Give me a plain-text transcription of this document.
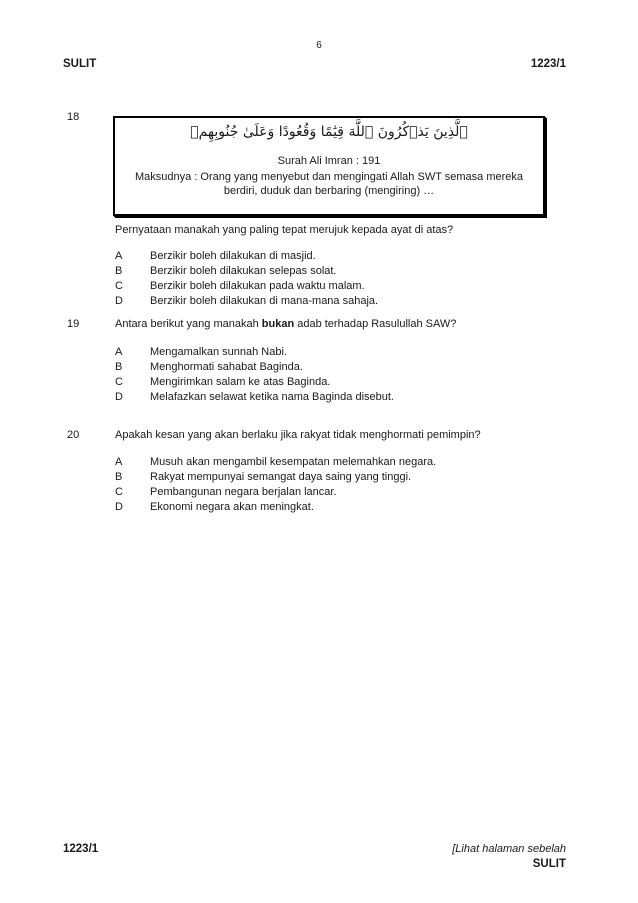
6
SULIT	1223/1
18
ٱلَّذِينَ يَذۡكُرُونَ ٱللَّهَ قِيَٰمًا وَقُعُودًا وَعَلَىٰ جُنُوبِهِمۡ
Surah Ali Imran : 191
Maksudnya : Orang yang menyebut dan mengingati Allah SWT semasa mereka
berdiri, duduk dan berbaring (mengiring) …
Pernyataan manakah yang paling tepat merujuk kepada ayat di atas?
A	Berzikir boleh dilakukan di masjid.
B	Berzikir boleh dilakukan selepas solat.
C Berzikir boleh dilakukan pada waktu malam.
D Berzikir boleh dilakukan di mana-mana sahaja.
19	Antara berikut yang manakah bukan adab terhadap Rasulullah SAW?
A	Mengamalkan sunnah Nabi.
B	Menghormati sahabat Baginda.
C Mengirimkan salam ke atas Baginda.
D Melafazkan selawat ketika nama Baginda disebut.
20	Apakah kesan yang akan berlaku jika rakyat tidak menghormati pemimpin?
A	Musuh akan mengambil kesempatan melemahkan negara.
B	Rakyat mempunyai semangat daya saing yang tinggi.
C Pembangunan negara berjalan lancar.
D Ekonomi negara akan meningkat.
1223/1	[Lihat halaman sebelah
SULIT
